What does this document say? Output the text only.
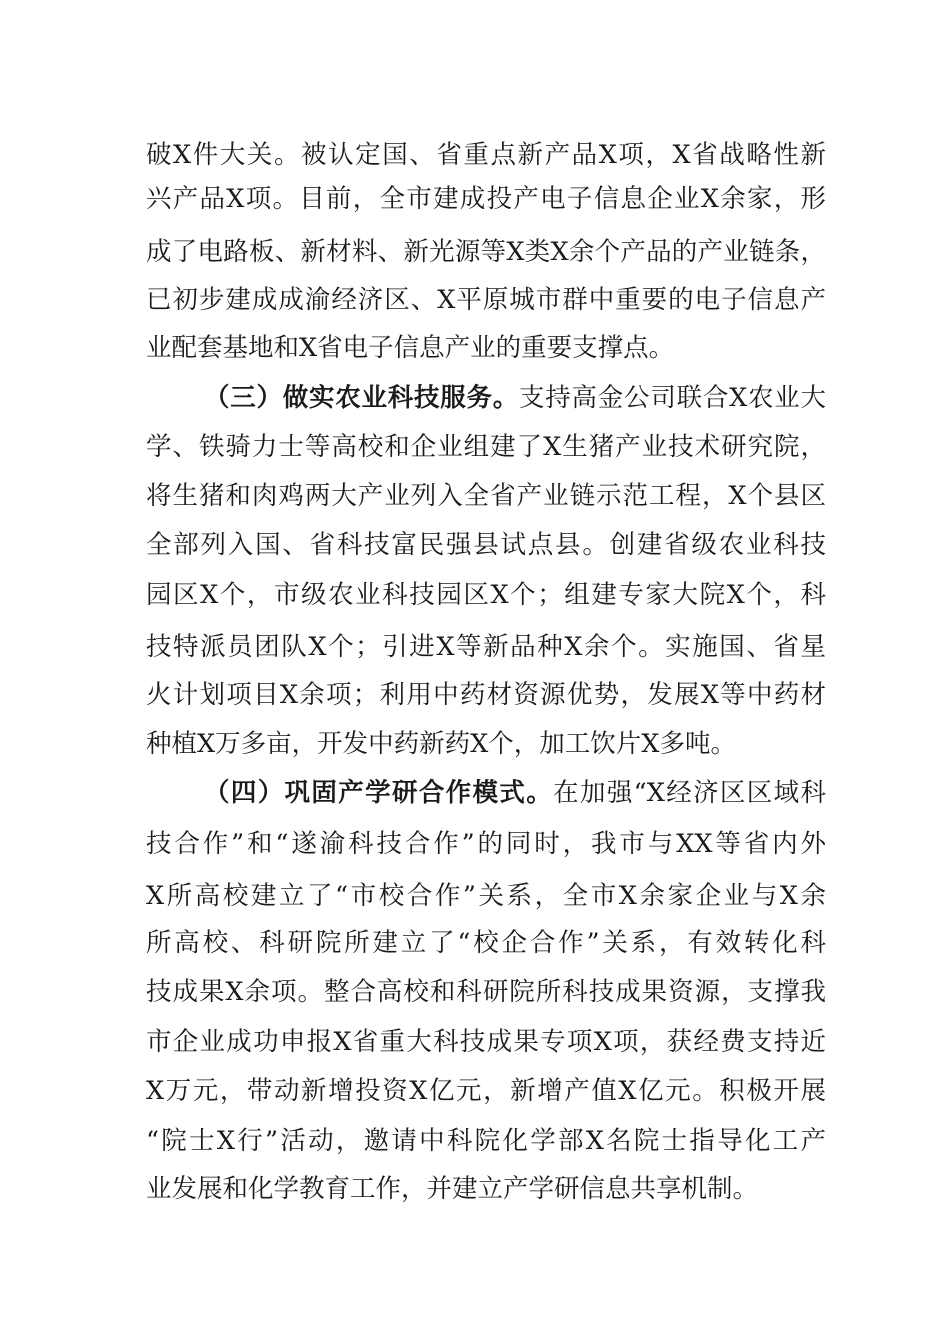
破X件大关。被认定国、省重点新产品X项，X省战略性新
兴产品X项。目前，全市建成投产电子信息企业X余家，形
成了电路板、新材料、新光源等X类X余个产品的产业链条，
已初步建成成渝经济区、X平原城市群中重要的电子信息产
业配套基地和X省电子信息产业的重要支撑点。
（三）做实农业科技服务。支持高金公司联合X农业大
学、铁骑力士等高校和企业组建了X生猪产业技术研究院，
将生猪和肉鸡两大产业列入全省产业链示范工程，X个县区
全部列入国、省科技富民强县试点县。创建省级农业科技
园区X个，市级农业科技园区X个；组建专家大院X个，科
技特派员团队X个；引进X等新品种X余个。实施国、省星
火计划项目X余项；利用中药材资源优势，发展X等中药材
种植X万多亩，开发中药新药X个，加工饮片X多吨。
（四）巩固产学研合作模式。在加强“X经济区区域科
技合作”和“遂渝科技合作”的同时，我市与XX等省内外
X所高校建立了“市校合作”关系，全市X余家企业与X余
所高校、科研院所建立了“校企合作”关系，有效转化科
技成果X余项。整合高校和科研院所科技成果资源，支撑我
市企业成功申报X省重大科技成果专项X项，获经费支持近
X万元，带动新增投资X亿元，新增产值X亿元。积极开展
“院士X行”活动，邀请中科院化学部X名院士指导化工产
业发展和化学教育工作，并建立产学研信息共享机制。
